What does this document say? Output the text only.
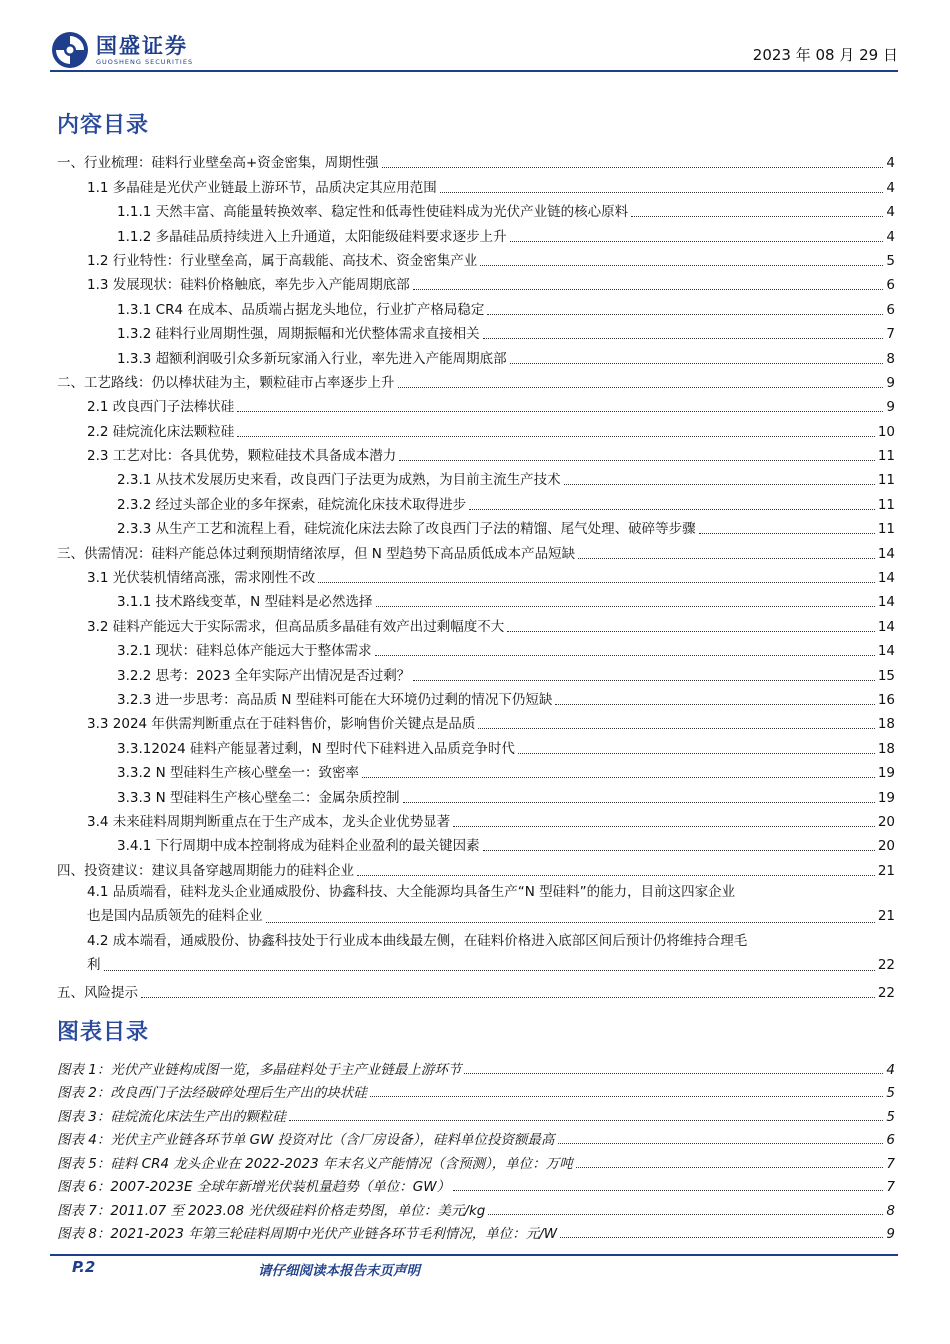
国盛证券
GUOSHENG SECURITIES	2023 年 08 月 29 日
内容目录
一、行业梳理：硅料行业壁垒高+资金密集，周期性强	4
1.1 多晶硅是光伏产业链最上游环节，品质决定其应用范围	4
1.1.1 天然丰富、高能量转换效率、稳定性和低毒性使硅料成为光伏产业链的核心原料	4
1.1.2 多晶硅品质持续进入上升通道，太阳能级硅料要求逐步上升	4
1.2 行业特性：行业壁垒高，属于高载能、高技术、资金密集产业	5
1.3 发展现状：硅料价格触底，率先步入产能周期底部	6
1.3.1 CR4 在成本、品质端占据龙头地位，行业扩产格局稳定	6
1.3.2 硅料行业周期性强，周期振幅和光伏整体需求直接相关	7
1.3.3 超额利润吸引众多新玩家涌入行业，率先进入产能周期底部	8
二、工艺路线：仍以棒状硅为主，颗粒硅市占率逐步上升	9
2.1 改良西门子法棒状硅	9
2.2 硅烷流化床法颗粒硅	10
2.3 工艺对比：各具优势，颗粒硅技术具备成本潜力	11
2.3.1 从技术发展历史来看，改良西门子法更为成熟，为目前主流生产技术	11
2.3.2 经过头部企业的多年探索，硅烷流化床技术取得进步	11
2.3.3 从生产工艺和流程上看，硅烷流化床法去除了改良西门子法的精馏、尾气处理、破碎等步骤	11
三、供需情况：硅料产能总体过剩预期情绪浓厚，但 N 型趋势下高品质低成本产品短缺	14
3.1 光伏装机情绪高涨，需求刚性不改	14
3.1.1 技术路线变革，N 型硅料是必然选择	14
3.2 硅料产能远大于实际需求，但高品质多晶硅有效产出过剩幅度不大	14
3.2.1 现状：硅料总体产能远大于整体需求	14
3.2.2 思考：2023 全年实际产出情况是否过剩？	15
3.2.3 进一步思考：高品质 N 型硅料可能在大环境仍过剩的情况下仍短缺	16
3.3 2024 年供需判断重点在于硅料售价，影响售价关键点是品质	18
3.3.12024 硅料产能显著过剩，N 型时代下硅料进入品质竞争时代	18
3.3.2 N 型硅料生产核心壁垒一：致密率	19
3.3.3 N 型硅料生产核心壁垒二：金属杂质控制	19
3.4 未来硅料周期判断重点在于生产成本，龙头企业优势显著	20
3.4.1 下行周期中成本控制将成为硅料企业盈利的最关键因素	20
四、投资建议：建议具备穿越周期能力的硅料企业	21
4.1 品质端看，硅料龙头企业通威股份、协鑫科技、大全能源均具备生产“N 型硅料”的能力，目前这四家企业
也是国内品质领先的硅料企业	21
4.2 成本端看，通威股份、协鑫科技处于行业成本曲线最左侧，在硅料价格进入底部区间后预计仍将维持合理毛
利	22
五、风险提示	22
图表目录
图表 1：光伏产业链构成图一览，多晶硅料处于主产业链最上游环节	4
图表 2：改良西门子法经破碎处理后生产出的块状硅	5
图表 3：硅烷流化床法生产出的颗粒硅	5
图表 4：光伏主产业链各环节单 GW 投资对比（含厂房设备），硅料单位投资额最高	6
图表 5：硅料 CR4 龙头企业在 2022-2023 年末名义产能情况（含预测），单位：万吨	7
图表 6：2007-2023E 全球年新增光伏装机量趋势（单位：GW）	7
图表 7：2011.07 至 2023.08 光伏级硅料价格走势图，单位：美元/kg	8
图表 8：2021-2023 年第三轮硅料周期中光伏产业链各环节毛利情况，单位：元/W	9
P.2	请仔细阅读本报告末页声明
